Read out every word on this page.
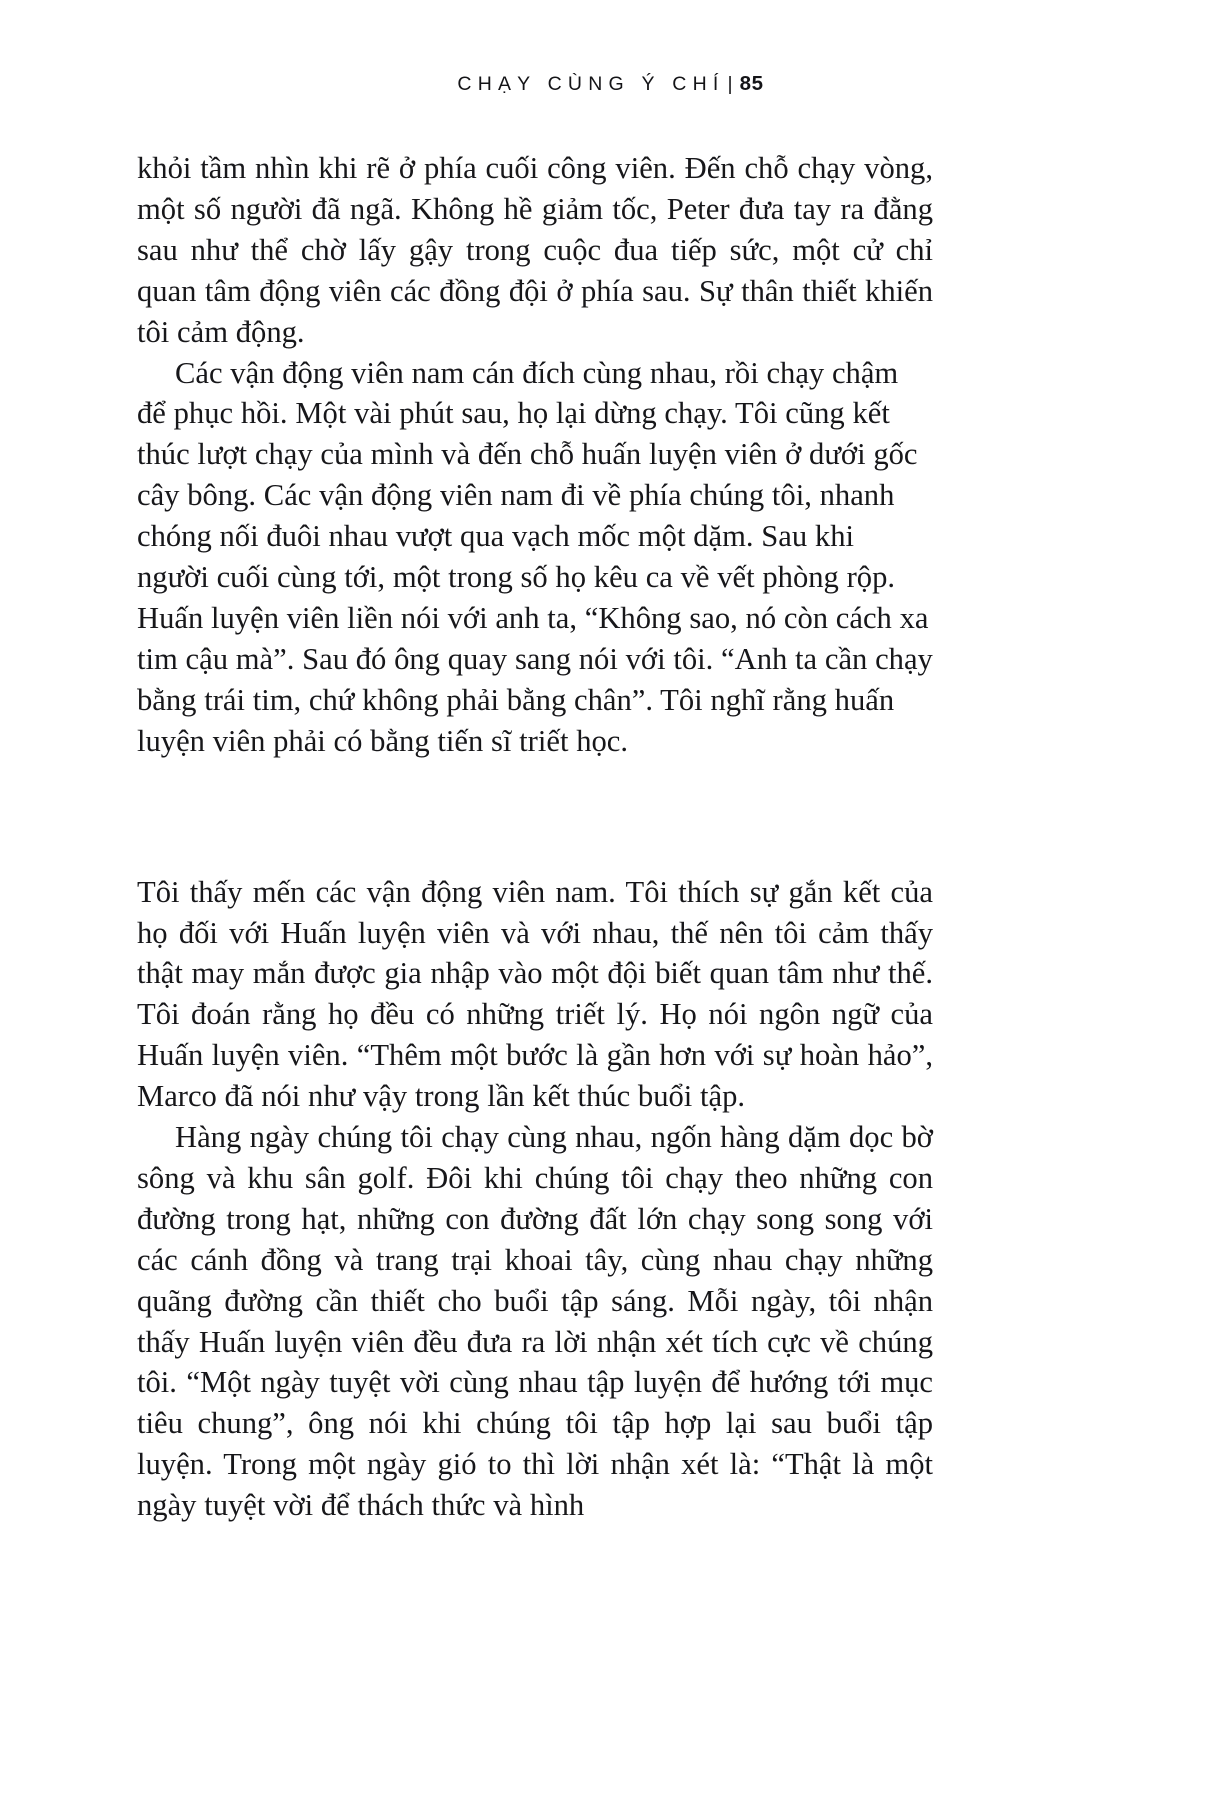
CHẠY CÙNG Ý CHÍ | 85

khỏi tầm nhìn khi rẽ ở phía cuối công viên. Đến chỗ chạy vòng, một số người đã ngã. Không hề giảm tốc, Peter đưa tay ra đằng sau như thể chờ lấy gậy trong cuộc đua tiếp sức, một cử chỉ quan tâm động viên các đồng đội ở phía sau. Sự thân thiết khiến tôi cảm động.

Các vận động viên nam cán đích cùng nhau, rồi chạy chậm để phục hồi. Một vài phút sau, họ lại dừng chạy. Tôi cũng kết thúc lượt chạy của mình và đến chỗ huấn luyện viên ở dưới gốc cây bông. Các vận động viên nam đi về phía chúng tôi, nhanh chóng nối đuôi nhau vượt qua vạch mốc một dặm. Sau khi người cuối cùng tới, một trong số họ kêu ca về vết phòng rộp. Huấn luyện viên liền nói với anh ta, “Không sao, nó còn cách xa tim cậu mà”. Sau đó ông quay sang nói với tôi. “Anh ta cần chạy bằng trái tim, chứ không phải bằng chân”. Tôi nghĩ rằng huấn luyện viên phải có bằng tiến sĩ triết học.

Tôi thấy mến các vận động viên nam. Tôi thích sự gắn kết của họ đối với Huấn luyện viên và với nhau, thế nên tôi cảm thấy thật may mắn được gia nhập vào một đội biết quan tâm như thế. Tôi đoán rằng họ đều có những triết lý. Họ nói ngôn ngữ của Huấn luyện viên. “Thêm một bước là gần hơn với sự hoàn hảo”, Marco đã nói như vậy trong lần kết thúc buổi tập.

Hàng ngày chúng tôi chạy cùng nhau, ngốn hàng dặm dọc bờ sông và khu sân golf. Đôi khi chúng tôi chạy theo những con đường trong hạt, những con đường đất lớn chạy song song với các cánh đồng và trang trại khoai tây, cùng nhau chạy những quãng đường cần thiết cho buổi tập sáng. Mỗi ngày, tôi nhận thấy Huấn luyện viên đều đưa ra lời nhận xét tích cực về chúng tôi. “Một ngày tuyệt vời cùng nhau tập luyện để hướng tới mục tiêu chung”, ông nói khi chúng tôi tập hợp lại sau buổi tập luyện. Trong một ngày gió to thì lời nhận xét là: “Thật là một ngày tuyệt vời để thách thức và hình
